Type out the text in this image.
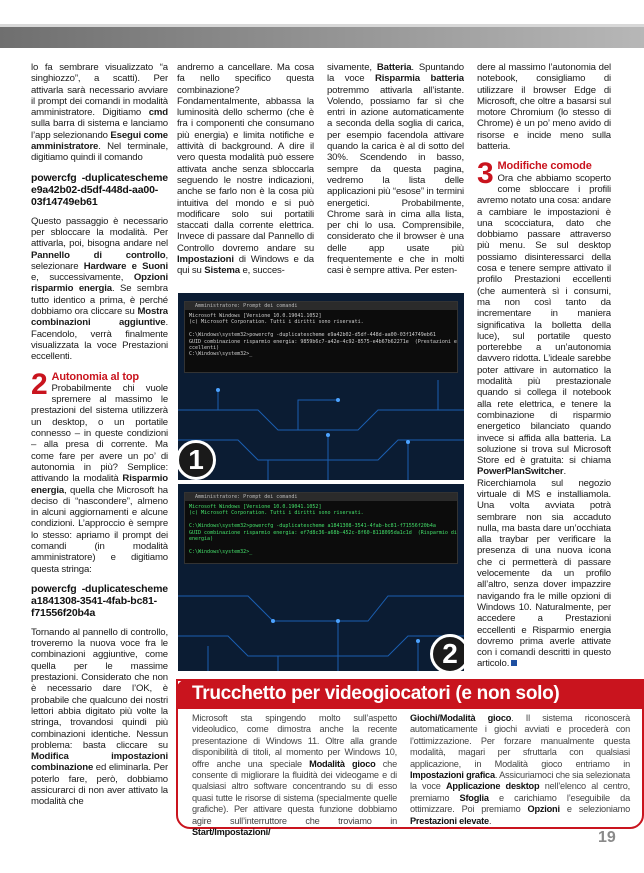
lo fa sembrare visualizzato “a singhiozzo”, a scatti). Per attivarla sarà necessario avviare il prompt dei comandi in modalità amministratore. Digitiamo cmd sulla barra di sistema e lanciamo l’app selezionando Esegui come amministratore. Nel terminale, digitiamo quindi il comando

powercfg -duplicatescheme e9a42b02-d5df-448d-aa00-03f14749eb61

Questo passaggio è necessario per sbloccare la modalità. Per attivarla, poi, bisogna andare nel Pannello di controllo, selezionare Hardware e Suoni e, successivamente, Opzioni risparmio energia. Se sembra tutto identico a prima, è perché dobbiamo ora cliccare su Mostra combinazioni aggiuntive. Facendolo, verrà finalmente visualizzata la voce Prestazioni eccellenti.

2 Autonomia al top
Probabilmente chi vuole spremere al massimo le prestazioni del sistema utilizzerà un desktop, o un portatile connesso – in queste condizioni – alla presa di corrente. Ma come fare per avere un po’ di autonomia in più? Semplice: attivando la modalità Risparmio energia, quella che Microsoft ha deciso di “nascondere”, almeno in alcuni aggiornamenti e alcune condizioni. L’approccio è sempre lo stesso: apriamo il prompt dei comandi (in modalità amministratore) e digitiamo questa stringa:

powercfg -duplicatescheme a1841308-3541-4fab-bc81-f71556f20b4a

Tornando al pannello di controllo, troveremo la nuova voce fra le combinazioni aggiuntive, come quella per le massime prestazioni. Considerato che non è necessario dare l’OK, è probabile che qualcuno dei nostri lettori abbia digitato più volte la stringa, trovandosi quindi più combinazioni identiche. Nessun problema: basta cliccare su Modifica impostazioni combinazione ed eliminarla. Per poterlo fare, però, dobbiamo assicurarci di non aver attivato la modalità che

andremo a cancellare. Ma cosa fa nello specifico questa combinazione? Fondamentalmente, abbassa la luminosità dello schermo (che è fra i componenti che consumano più energia) e limita notifiche e attività di background. A dire il vero questa modalità può essere attivata anche senza sbloccarla seguendo le nostre indicazioni, anche se farlo non è la cosa più intuitiva del mondo e si può modificare solo sui portatili staccati dalla corrente elettrica. Invece di passare dal Pannello di Controllo dovremo andare su Impostazioni di Windows e da qui su Sistema e, succes-

sivamente, Batteria. Spuntando la voce Risparmia batteria potremmo attivarla all’istante. Volendo, possiamo far sì che entri in azione automaticamente a seconda della soglia di carica, per esempio facendola attivare quando la carica è al di sotto del 30%. Scendendo in basso, sempre da questa pagina, vedremo la lista delle applicazioni più “esose” in termini energetici. Probabilmente, Chrome sarà in cima alla lista, per chi lo usa. Comprensibile, considerato che il browser è una delle app usate più frequentemente e che in molti casi è sempre attiva. Per esten-

dere al massimo l’autonomia del notebook, consigliamo di utilizzare il browser Edge di Microsoft, che oltre a basarsi sul motore Chromium (lo stesso di Chrome) è un po’ meno avido di risorse e incide meno sulla batteria.

3 Modifiche comode
Ora che abbiamo scoperto come sbloccare i profili avremo notato una cosa: andare a cambiare le impostazioni è una scocciatura, dato che dobbiamo passare attraverso più menu. Se sul desktop possiamo disinteressarci della cosa e tenere sempre attivato il profilo Prestazioni eccellenti (che aumenterà sì i consumi, ma non così tanto da incrementare in maniera significativa la bolletta della luce), sul portatile questo porterebbe a un’autonomia davvero ridotta. L’ideale sarebbe poter attivare in automatico la modalità più prestazionale quando si collega il notebook alla rete elettrica, e tenere la combinazione di risparmio energetico bilanciato quando invece si affida alla batteria. La soluzione si trova sul Microsoft Store ed è gratuita: si chiama PowerPlanSwitcher. Ricerchiamola sul negozio virtuale di MS e installiamola. Una volta avviata potrà sembrare non sia accaduto nulla, ma basta dare un’occhiata alla traybar per verificare la presenza di una nuova icona che ci permetterà di passare velocemente da un profilo all’altro, senza dover impazzire navigando fra le mille opzioni di Windows 10. Naturalmente, per accedere a Prestazioni eccellenti e Risparmio energia dovremo prima averle attivate con i comandi descritti in questo articolo.

Amministratore: Prompt dei comandi
Microsoft Windows [Versione 10.0.19041.1052]
(c) Microsoft Corporation. Tutti i diritti sono riservati.

C:\Windows\system32>powercfg -duplicatescheme e9a42b02-d5df-448d-aa00-03f14749eb61
GUID combinazione risparmio energia: 9859b6c7-a42e-4c92-8575-e4b67b62271e  (Prestazioni e
ccellenti)
C:\Windows\system32>_
1
Amministratore: Prompt dei comandi
Microsoft Windows [Versione 10.0.19041.1052]
(c) Microsoft Corporation. Tutti i diritti sono riservati.

C:\Windows\system32>powercfg -duplicatescheme a1841308-3541-4fab-bc81-f71556f20b4a
GUID combinazione risparmio energia: ef7d8c36-a68b-452c-8f60-8118095da1c1d  (Risparmio di
energia)

C:\Windows\system32>_
2
Trucchetto per videogiocatori (e non solo)
Microsoft sta spingendo molto sull’aspetto videoludico, come dimostra anche la recente presentazione di Windows 11. Oltre alla grande disponibilità di titoli, al momento per Windows 10, offre anche una speciale Modalità gioco che consente di migliorare la fluidità dei videogame e di qualsiasi altro software concentrando su di esso quasi tutte le risorse di sistema (specialmente quelle grafiche). Per attivare questa funzione dobbiamo agire sull’interruttore che troviamo in Start/Impostazioni/
Giochi/Modalità gioco. Il sistema riconoscerà automaticamente i giochi avviati e procederà con l’ottimizzazione. Per forzare manualmente questa modalità, magari per sfruttarla con qualsiasi applicazione, in Modalità gioco entriamo in Impostazioni grafica. Assicuriamoci che sia selezionata la voce Applicazione desktop nell’elenco al centro, premiamo Sfoglia e carichiamo l’eseguibile da ottimizzare. Poi premiamo Opzioni e selezioniamo Prestazioni elevate.
19
